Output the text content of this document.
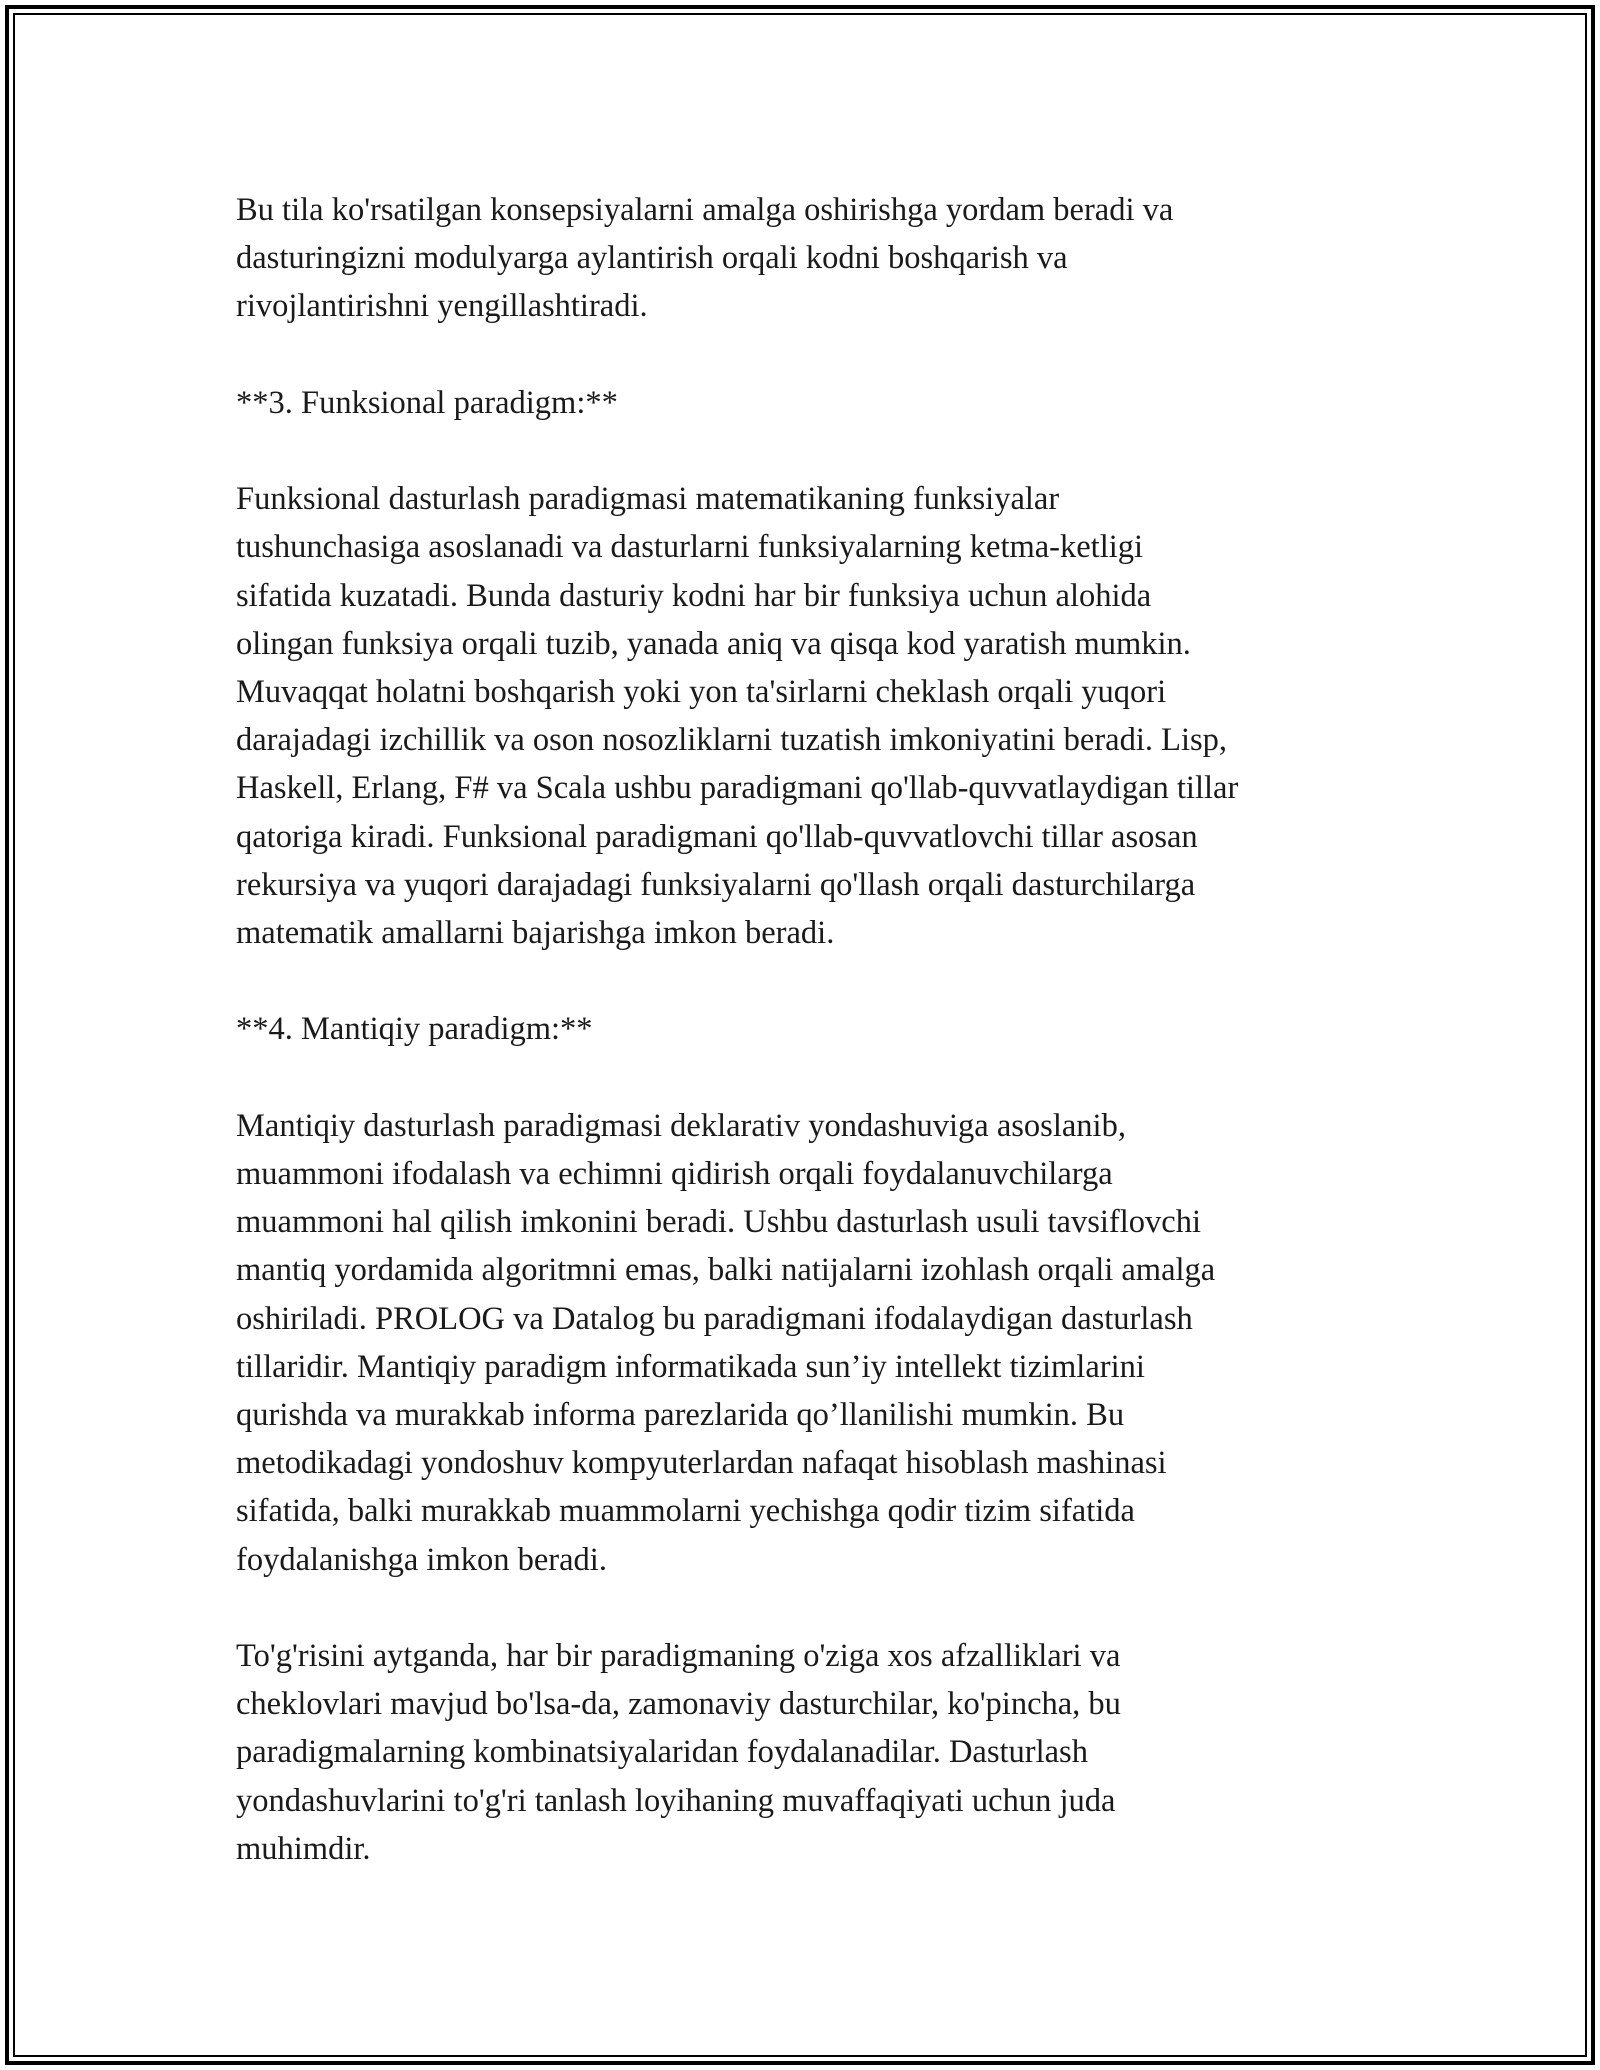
Bu tila ko'rsatilgan konsepsiyalarni amalga oshirishga yordam beradi va
dasturingizni modulyarga aylantirish orqali kodni boshqarish va
rivojlantirishni yengillashtiradi.

**3. Funksional paradigm:**

Funksional dasturlash paradigmasi matematikaning funksiyalar
tushunchasiga asoslanadi va dasturlarni funksiyalarning ketma-ketligi
sifatida kuzatadi. Bunda dasturiy kodni har bir funksiya uchun alohida
olingan funksiya orqali tuzib, yanada aniq va qisqa kod yaratish mumkin.
Muvaqqat holatni boshqarish yoki yon ta'sirlarni cheklash orqali yuqori
darajadagi izchillik va oson nosozliklarni tuzatish imkoniyatini beradi. Lisp,
Haskell, Erlang, F# va Scala ushbu paradigmani qo'llab-quvvatlaydigan tillar
qatoriga kiradi. Funksional paradigmani qo'llab-quvvatlovchi tillar asosan
rekursiya va yuqori darajadagi funksiyalarni qo'llash orqali dasturchilarga
matematik amallarni bajarishga imkon beradi.

**4. Mantiqiy paradigm:**

Mantiqiy dasturlash paradigmasi deklarativ yondashuviga asoslanib,
muammoni ifodalash va echimni qidirish orqali foydalanuvchilarga
muammoni hal qilish imkonini beradi. Ushbu dasturlash usuli tavsiflovchi
mantiq yordamida algoritmni emas, balki natijalarni izohlash orqali amalga
oshiriladi. PROLOG va Datalog bu paradigmani ifodalaydigan dasturlash
tillaridir. Mantiqiy paradigm informatikada sun’iy intellekt tizimlarini
qurishda va murakkab informa parezlarida qo’llanilishi mumkin. Bu
metodikadagi yondoshuv kompyuterlardan nafaqat hisoblash mashinasi
sifatida, balki murakkab muammolarni yechishga qodir tizim sifatida
foydalanishga imkon beradi.

To'g'risini aytganda, har bir paradigmaning o'ziga xos afzalliklari va
cheklovlari mavjud bo'lsa-da, zamonaviy dasturchilar, ko'pincha, bu
paradigmalarning kombinatsiyalaridan foydalanadilar. Dasturlash
yondashuvlarini to'g'ri tanlash loyihaning muvaffaqiyati uchun juda
muhimdir.
